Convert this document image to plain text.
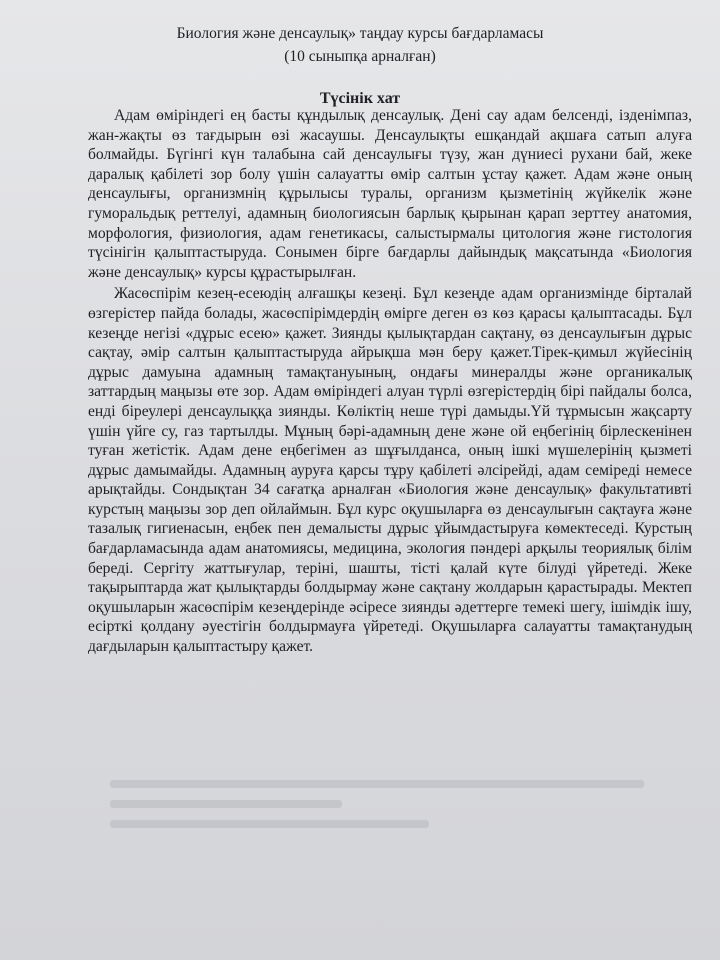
Биология және денсаулық» таңдау курсы бағдарламасы
(10 сыныпқа арналған)
Түсінік хат

Адам өміріндегі ең басты құндылық денсаулық. Дені сау адам белсенді, ізденімпаз, жан-жақты өз тағдырын өзі жасаушы. Денсаулықты ешқандай ақшаға сатып алуға болмайды. Бүгінгі күн талабына сай денсаулығы түзу, жан дүниесі рухани бай, жеке даралық қабілеті зор болу үшін салауатты өмір салтын ұстау қажет. Адам және оның денсаулығы, организмнің құрылысы туралы, организм қызметінің жүйкелік және гуморальдық реттелуі, адамның биологиясын барлық қырынан қарап зерттеу анатомия, морфология, физиология, адам генетикасы, салыстырмалы цитология және гистология түсінігін қалыптастыруда. Сонымен бірге бағдарлы дайындық мақсатында «Биология және денсаулық» курсы құрастырылған.

Жасөспірім кезең-есеюдің алғашқы кезеңі. Бұл кезеңде адам организмінде бірталай өзгерістер пайда болады, жасөспірімдердің өмірге деген өз көз қарасы қалыптасады. Бұл кезеңде негізі «дұрыс есею» қажет. Зиянды қылықтардан сақтану, өз денсаулығын дұрыс сақтау, әмір салтын қалыптастыруда айрықша мән беру қажет.Тірек-қимыл жүйесінің дұрыс дамуына адамның тамақтануының, ондағы минералды және органикалық заттардың маңызы өте зор. Адам өміріндегі алуан түрлі өзгерістердің бірі пайдалы болса, енді біреулері денсаулыққа зиянды. Көліктің неше түрі дамыды.Үй тұрмысын жақсарту үшін үйге су, газ тартылды. Мұның бәрі-адамның дене және ой еңбегінің бірлескенінен туған жетістік. Адам дене еңбегімен аз шұғылданса, оның ішкі мүшелерінің қызметі дұрыс дамымайды. Адамның ауруға қарсы тұру қабілеті әлсірейді, адам семіреді немесе арықтайды. Сондықтан 34 сағатқа арналған «Биология және денсаулық» факультативті курстың маңызы зор деп ойлаймын. Бұл курс оқушыларға өз денсаулығын сақтауға және тазалық гигиенасын, еңбек пен демалысты дұрыс ұйымдастыруға көмектеседі. Курстың бағдарламасында адам анатомиясы, медицина, экология пәндері арқылы теориялық білім береді. Сергіту жаттығулар, теріні, шашты, тісті қалай күте білуді үйретеді. Жеке тақырыптарда жат қылықтарды болдырмау және сақтану жолдарын қарастырады. Мектеп оқушыларын жасөспірім кезеңдерінде әсіресе зиянды әдеттерге темекі шегу, ішімдік ішу, есірткі қолдану әуестігін болдырмауға үйретеді. Оқушыларға салауатты тамақтанудың дағдыларын қалыптастыру қажет.
